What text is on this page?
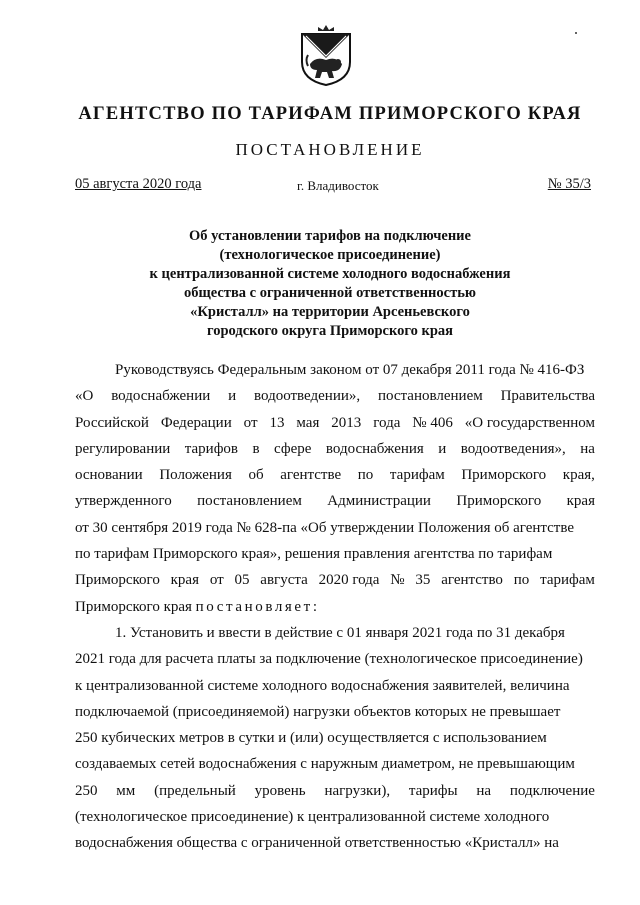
АГЕНТСТВО ПО ТАРИФАМ ПРИМОРСКОГО КРАЯ
ПОСТАНОВЛЕНИЕ
05 августа 2020 года	г. Владивосток	№ 35/3
Об установлении тарифов на подключение
(технологическое присоединение)
к централизованной системе холодного водоснабжения
общества с ограниченной ответственностью
«Кристалл» на территории Арсеньевского
городского округа Приморского края
Руководствуясь Федеральным законом от 07 декабря 2011 года № 416-ФЗ
«О водоснабжении и водоотведении», постановлением Правительства
Российской Федерации от 13 мая 2013 года № 406 «О государственном
регулировании тарифов в сфере водоснабжения и водоотведения», на
основании Положения об агентстве по тарифам Приморского края,
утвержденного постановлением Администрации Приморского края
от 30 сентября 2019 года № 628-па «Об утверждении Положения об агентстве
по тарифам Приморского края», решения правления агентства по тарифам
Приморского края от 05 августа 2020 года № 35 агентство по тарифам
Приморского края
постановляет:
1. Установить и ввести в действие с 01 января 2021 года по 31 декабря
2021 года для расчета платы за подключение (технологическое присоединение)
к централизованной системе холодного водоснабжения заявителей, величина
подключаемой (присоединяемой) нагрузки объектов которых не превышает
250 кубических метров в сутки и (или) осуществляется с использованием
создаваемых сетей водоснабжения с наружным диаметром, не превышающим
250 мм (предельный уровень нагрузки), тарифы на подключение
(технологическое присоединение) к централизованной системе холодного
водоснабжения общества с ограниченной ответственностью «Кристалл» на
